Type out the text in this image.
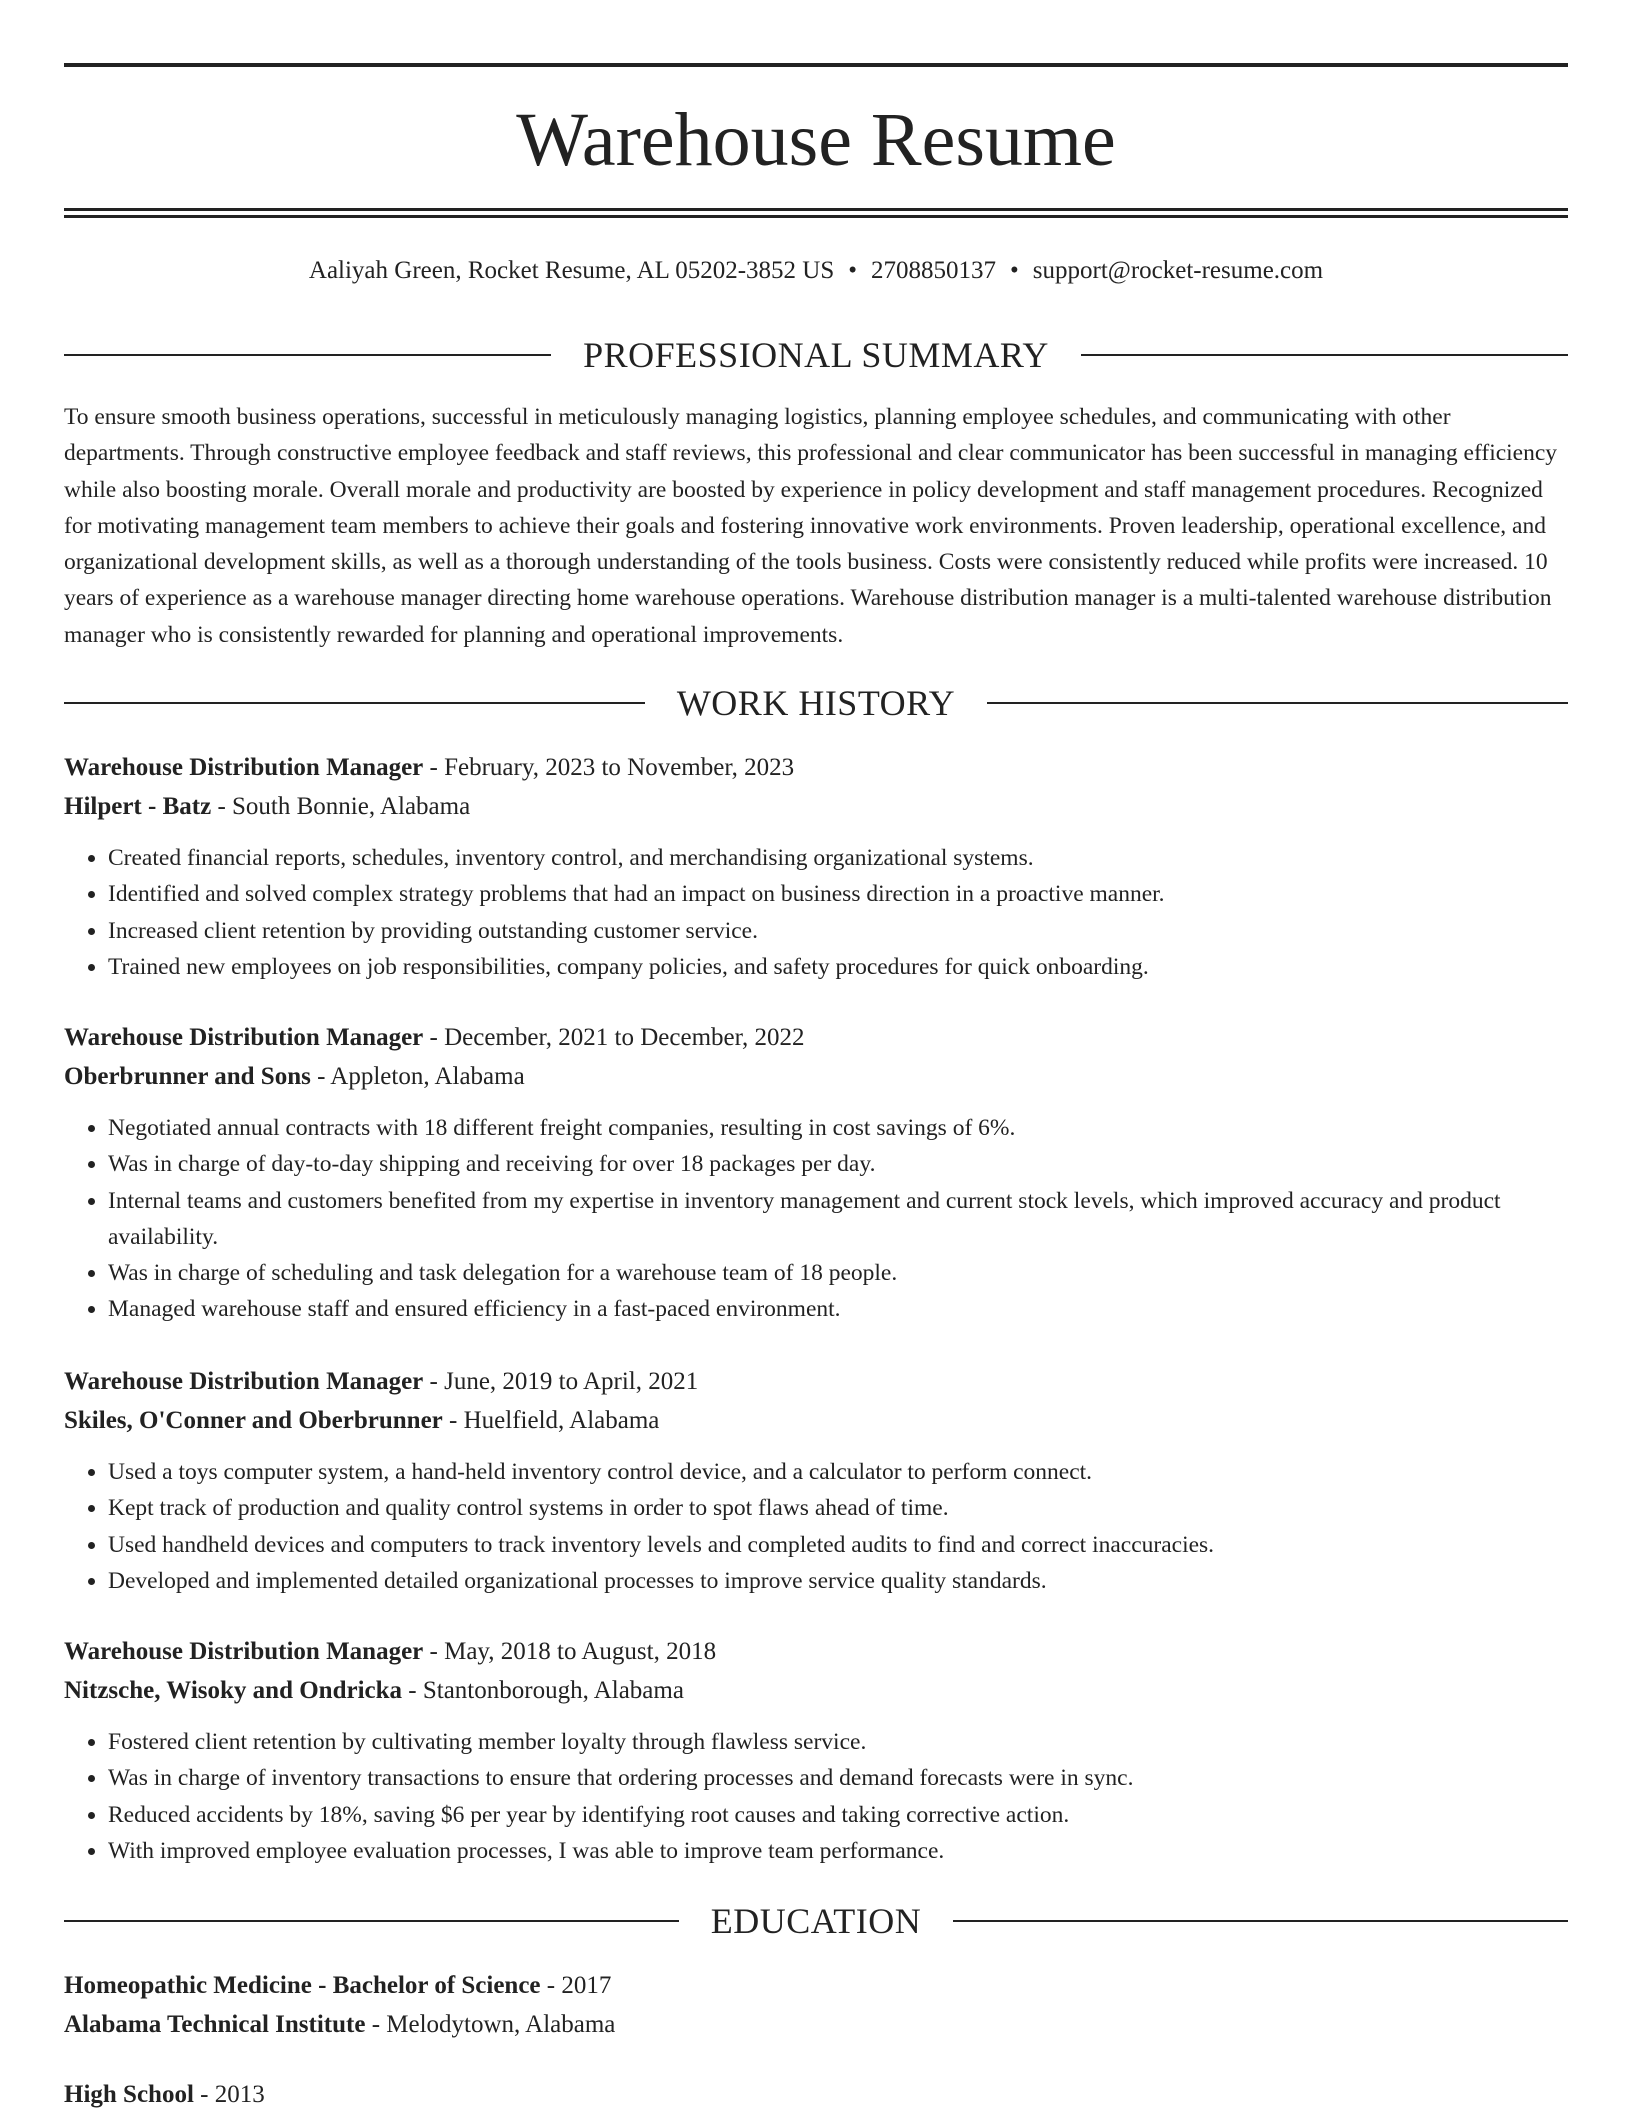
Warehouse Resume
Aaliyah Green, Rocket Resume, AL 05202-3852 US • 2708850137 • support@rocket-resume.com
PROFESSIONAL SUMMARY

To ensure smooth business operations, successful in meticulously managing logistics, planning employee schedules, and communicating with other departments. Through constructive employee feedback and staff reviews, this professional and clear communicator has been successful in managing efficiency while also boosting morale. Overall morale and productivity are boosted by experience in policy development and staff management procedures. Recognized for motivating management team members to achieve their goals and fostering innovative work environments. Proven leadership, operational excellence, and organizational development skills, as well as a thorough understanding of the tools business. Costs were consistently reduced while profits were increased. 10 years of experience as a warehouse manager directing home warehouse operations. Warehouse distribution manager is a multi-talented warehouse distribution manager who is consistently rewarded for planning and operational improvements.

WORK HISTORY
Warehouse Distribution Manager - February, 2023 to November, 2023
Hilpert - Batz - South Bonnie, Alabama
• Created financial reports, schedules, inventory control, and merchandising organizational systems.
• Identified and solved complex strategy problems that had an impact on business direction in a proactive manner.
• Increased client retention by providing outstanding customer service.
• Trained new employees on job responsibilities, company policies, and safety procedures for quick onboarding.
Warehouse Distribution Manager - December, 2021 to December, 2022
Oberbrunner and Sons - Appleton, Alabama
• Negotiated annual contracts with 18 different freight companies, resulting in cost savings of 6%.
• Was in charge of day-to-day shipping and receiving for over 18 packages per day.
• Internal teams and customers benefited from my expertise in inventory management and current stock levels, which improved accuracy and product availability.
• Was in charge of scheduling and task delegation for a warehouse team of 18 people.
• Managed warehouse staff and ensured efficiency in a fast-paced environment.
Warehouse Distribution Manager - June, 2019 to April, 2021
Skiles, O'Conner and Oberbrunner - Huelfield, Alabama
• Used a toys computer system, a hand-held inventory control device, and a calculator to perform connect.
• Kept track of production and quality control systems in order to spot flaws ahead of time.
• Used handheld devices and computers to track inventory levels and completed audits to find and correct inaccuracies.
• Developed and implemented detailed organizational processes to improve service quality standards.
Warehouse Distribution Manager - May, 2018 to August, 2018
Nitzsche, Wisoky and Ondricka - Stantonborough, Alabama
• Fostered client retention by cultivating member loyalty through flawless service.
• Was in charge of inventory transactions to ensure that ordering processes and demand forecasts were in sync.
• Reduced accidents by 18%, saving $6 per year by identifying root causes and taking corrective action.
• With improved employee evaluation processes, I was able to improve team performance.
EDUCATION
Homeopathic Medicine - Bachelor of Science - 2017
Alabama Technical Institute - Melodytown, Alabama
High School - 2013
